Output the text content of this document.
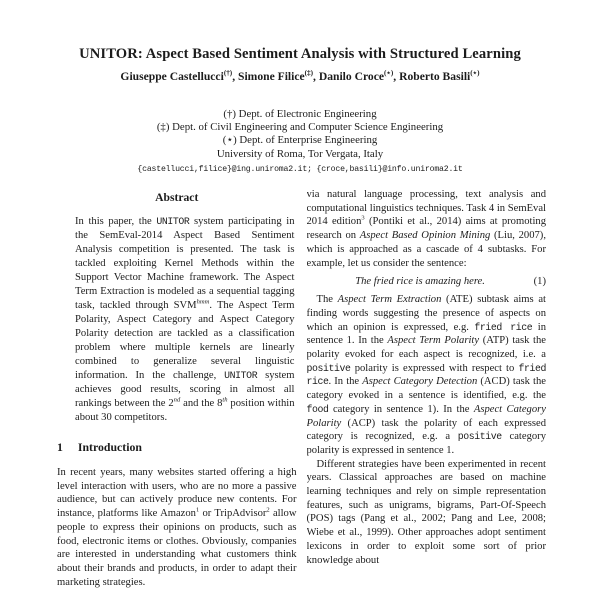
UNITOR: Aspect Based Sentiment Analysis with Structured Learning
Giuseppe Castellucci(†), Simone Filice(‡), Danilo Croce(⋆), Roberto Basili(⋆)
(†) Dept. of Electronic Engineering
(‡) Dept. of Civil Engineering and Computer Science Engineering
(⋆) Dept. of Enterprise Engineering
University of Roma, Tor Vergata, Italy
{castellucci,filice}@ing.uniroma2.it; {croce,basili}@info.uniroma2.it
Abstract

In this paper, the UNITOR system participating in the SemEval-2014 Aspect Based Sentiment Analysis competition is presented. The task is tackled exploiting Kernel Methods within the Support Vector Machine framework. The Aspect Term Extraction is modeled as a sequential tagging task, tackled through $SVM^{hmm}$. The Aspect Term Polarity, Aspect Category and Aspect Category Polarity detection are tackled as a classification problem where multiple kernels are linearly combined to generalize several linguistic information. In the challenge, UNITOR system achieves good results, scoring in almost all rankings between the 2nd and the 8th position within about 30 competitors.

1 Introduction

In recent years, many websites started offering a high level interaction with users, who are no more a passive audience, but can actively produce new contents. For instance, platforms like Amazon$^1$ or TripAdvisor$^2$ allow people to express their opinions on products, such as food, electronic items or clothes. Obviously, companies are interested in understanding what customers think about their brands and products, in order to adapt their marketing strategies.

via natural language processing, text analysis and computational linguistics techniques. Task 4 in SemEval 2014 edition$^3$ (Pontiki et al., 2014) aims at promoting research on Aspect Based Opinion Mining (Liu, 2007), which is approached as a cascade of 4 subtasks. For example, let us consider the sentence:

The fried rice is amazing here.	(1)

The Aspect Term Extraction (ATE) subtask aims at finding words suggesting the presence of aspects on which an opinion is expressed, e.g. fried rice in sentence 1. In the Aspect Term Polarity (ATP) task the polarity evoked for each aspect is recognized, i.e. a positive polarity is expressed with respect to fried rice. In the Aspect Category Detection (ACD) task the category evoked in a sentence is identified, e.g. the food category in sentence 1). In the Aspect Category Polarity (ACP) task the polarity of each expressed category is recognized, e.g. a positive category polarity is expressed in sentence 1.

Different strategies have been experimented in recent years. Classical approaches are based on machine learning techniques and rely on simple representation features, such as unigrams, bigrams, Part-Of-Speech (POS) tags (Pang et al., 2002; Pang and Lee, 2008; Wiebe et al., 1999). Other approaches adopt sentiment lexicons in order to exploit some sort of prior knowledge about
